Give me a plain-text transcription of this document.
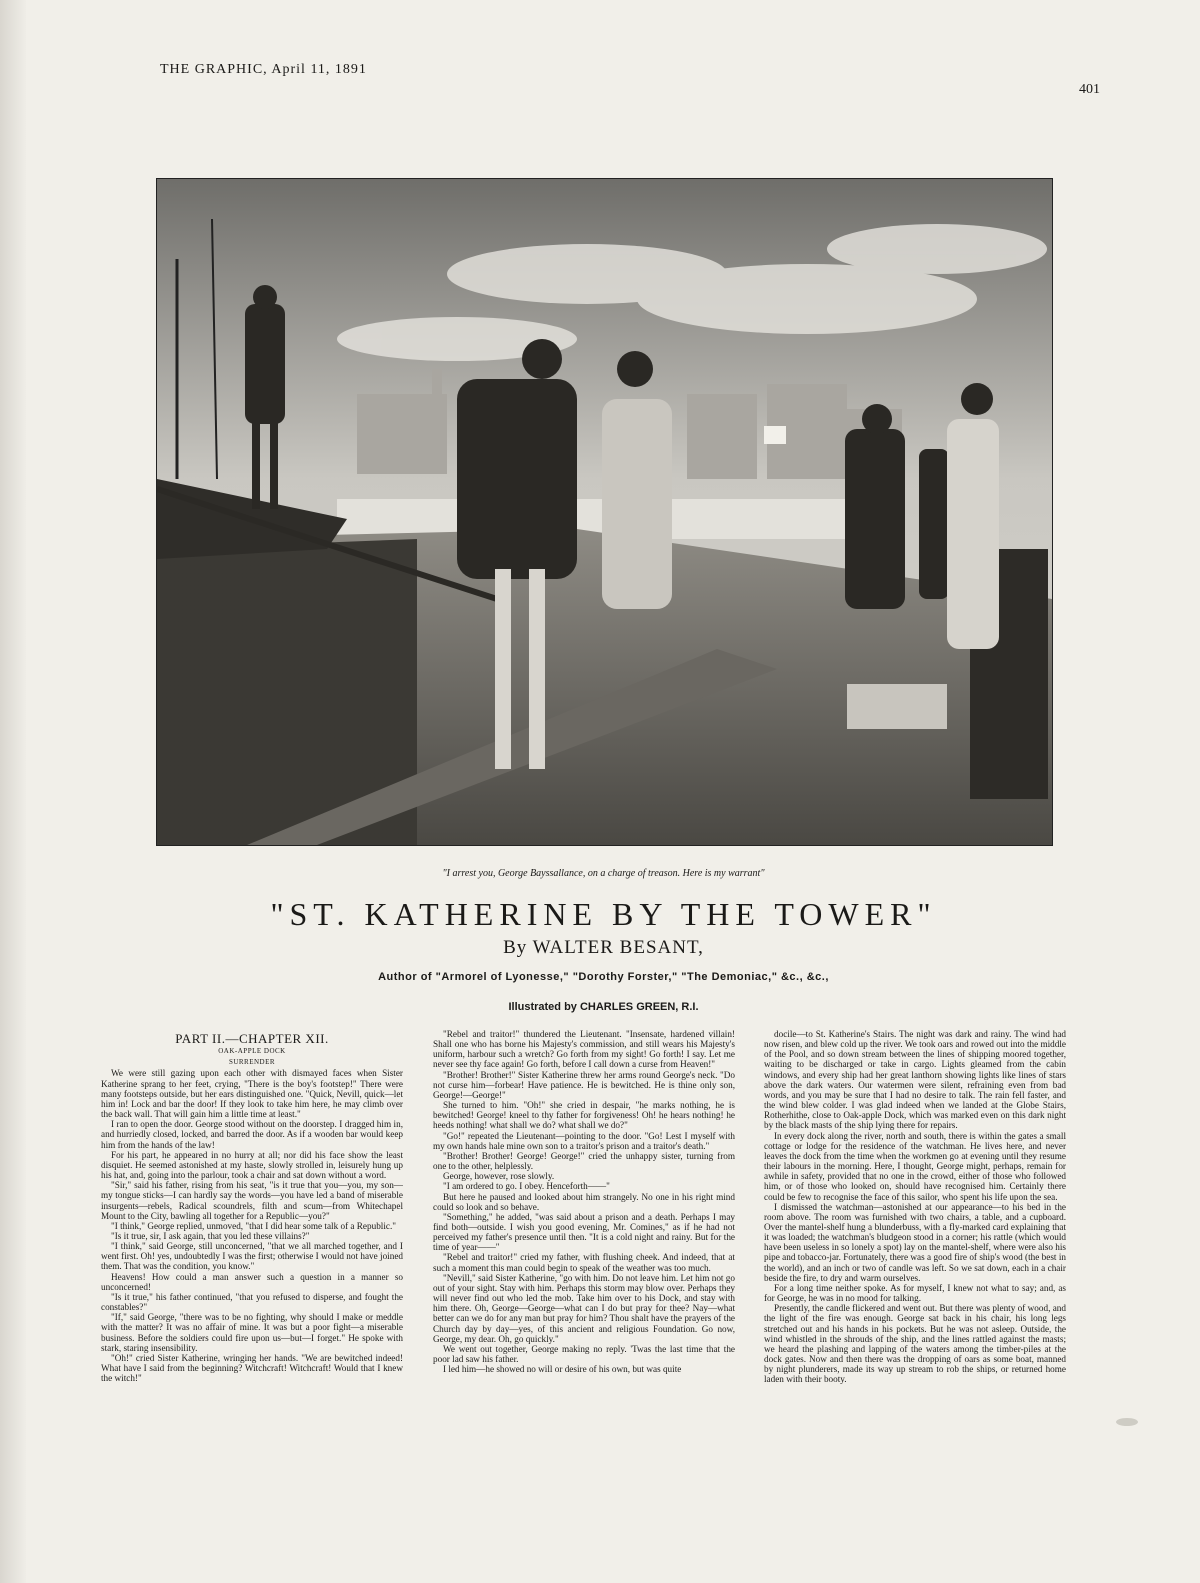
THE GRAPHIC, April 11, 1891
401
"I arrest you, George Bayssallance, on a charge of treason. Here is my warrant"
"ST. KATHERINE BY THE TOWER"
By WALTER BESANT,
Author of "Armorel of Lyonesse," "Dorothy Forster," "The Demoniac," &c., &c.,
Illustrated by CHARLES GREEN, R.I.
PART II.—CHAPTER XII.
OAK-APPLE DOCK
SURRENDER

We were still gazing upon each other with dismayed faces when Sister Katherine sprang to her feet, crying, "There is the boy's footstep!" There were many footsteps outside, but her ears distinguished one. "Quick, Nevill, quick—let him in! Lock and bar the door! If they look to take him here, he may climb over the back wall. That will gain him a little time at least."

I ran to open the door. George stood without on the doorstep. I dragged him in, and hurriedly closed, locked, and barred the door. As if a wooden bar would keep him from the hands of the law!

For his part, he appeared in no hurry at all; nor did his face show the least disquiet. He seemed astonished at my haste, slowly strolled in, leisurely hung up his hat, and, going into the parlour, took a chair and sat down without a word.

"Sir," said his father, rising from his seat, "is it true that you—you, my son—my tongue sticks—I can hardly say the words—you have led a band of miserable insurgents—rebels, Radical scoundrels, filth and scum—from Whitechapel Mount to the City, bawling all together for a Republic—you?"

"I think," George replied, unmoved, "that I did hear some talk of a Republic."

"Is it true, sir, I ask again, that you led these villains?"

"I think," said George, still unconcerned, "that we all marched together, and I went first. Oh! yes, undoubtedly I was the first; otherwise I would not have joined them. That was the condition, you know."

Heavens! How could a man answer such a question in a manner so unconcerned!

"Is it true," his father continued, "that you refused to disperse, and fought the constables?"

"If," said George, "there was to be no fighting, why should I make or meddle with the matter? It was no affair of mine. It was but a poor fight—a miserable business. Before the soldiers could fire upon us—but—I forget." He spoke with stark, staring insensibility.

"Oh!" cried Sister Katherine, wringing her hands. "We are bewitched indeed! What have I said from the beginning? Witchcraft! Witchcraft! Would that I knew the witch!"

"Rebel and traitor!" thundered the Lieutenant. "Insensate, hardened villain! Shall one who has borne his Majesty's commission, and still wears his Majesty's uniform, harbour such a wretch? Go forth from my sight! Go forth! I say. Let me never see thy face again! Go forth, before I call down a curse from Heaven!"

"Brother! Brother!" Sister Katherine threw her arms round George's neck. "Do not curse him—forbear! Have patience. He is bewitched. He is thine only son, George!—George!"

She turned to him. "Oh!" she cried in despair, "he marks nothing, he is bewitched! George! kneel to thy father for forgiveness! Oh! he hears nothing! he heeds nothing! what shall we do? what shall we do?"

"Go!" repeated the Lieutenant—pointing to the door. "Go! Lest I myself with my own hands hale mine own son to a traitor's prison and a traitor's death."

"Brother! Brother! George! George!" cried the unhappy sister, turning from one to the other, helplessly.

George, however, rose slowly.

"I am ordered to go. I obey. Henceforth——"

But here he paused and looked about him strangely. No one in his right mind could so look and so behave.

"Something," he added, "was said about a prison and a death. Perhaps I may find both—outside. I wish you good evening, Mr. Comines," as if he had not perceived my father's presence until then. "It is a cold night and rainy. But for the time of year——"

"Rebel and traitor!" cried my father, with flushing cheek. And indeed, that at such a moment this man could begin to speak of the weather was too much.

"Nevill," said Sister Katherine, "go with him. Do not leave him. Let him not go out of your sight. Stay with him. Perhaps this storm may blow over. Perhaps they will never find out who led the mob. Take him over to his Dock, and stay with him there. Oh, George—George—what can I do but pray for thee? Nay—what better can we do for any man but pray for him? Thou shalt have the prayers of the Church day by day—yes, of this ancient and religious Foundation. Go now, George, my dear. Oh, go quickly."

We went out together, George making no reply. 'Twas the last time that the poor lad saw his father.

I led him—he showed no will or desire of his own, but was quite

docile—to St. Katherine's Stairs. The night was dark and rainy. The wind had now risen, and blew cold up the river. We took oars and rowed out into the middle of the Pool, and so down stream between the lines of shipping moored together, waiting to be discharged or take in cargo. Lights gleamed from the cabin windows, and every ship had her great lanthorn showing lights like lines of stars above the dark waters. Our watermen were silent, refraining even from bad words, and you may be sure that I had no desire to talk. The rain fell faster, and the wind blew colder. I was glad indeed when we landed at the Globe Stairs, Rotherhithe, close to Oak-apple Dock, which was marked even on this dark night by the black masts of the ship lying there for repairs.

In every dock along the river, north and south, there is within the gates a small cottage or lodge for the residence of the watchman. He lives here, and never leaves the dock from the time when the workmen go at evening until they resume their labours in the morning. Here, I thought, George might, perhaps, remain for awhile in safety, provided that no one in the crowd, either of those who followed him, or of those who looked on, should have recognised him. Certainly there could be few to recognise the face of this sailor, who spent his life upon the sea.

I dismissed the watchman—astonished at our appearance—to his bed in the room above. The room was furnished with two chairs, a table, and a cupboard. Over the mantel-shelf hung a blunderbuss, with a fly-marked card explaining that it was loaded; the watchman's bludgeon stood in a corner; his rattle (which would have been useless in so lonely a spot) lay on the mantel-shelf, where were also his pipe and tobacco-jar. Fortunately, there was a good fire of ship's wood (the best in the world), and an inch or two of candle was left. So we sat down, each in a chair beside the fire, to dry and warm ourselves.

For a long time neither spoke. As for myself, I knew not what to say; and, as for George, he was in no mood for talking.

Presently, the candle flickered and went out. But there was plenty of wood, and the light of the fire was enough. George sat back in his chair, his long legs stretched out and his hands in his pockets. But he was not asleep. Outside, the wind whistled in the shrouds of the ship, and the lines rattled against the masts; we heard the plashing and lapping of the waters among the timber-piles at the dock gates. Now and then there was the dropping of oars as some boat, manned by night plunderers, made its way up stream to rob the ships, or returned home laden with their booty.
